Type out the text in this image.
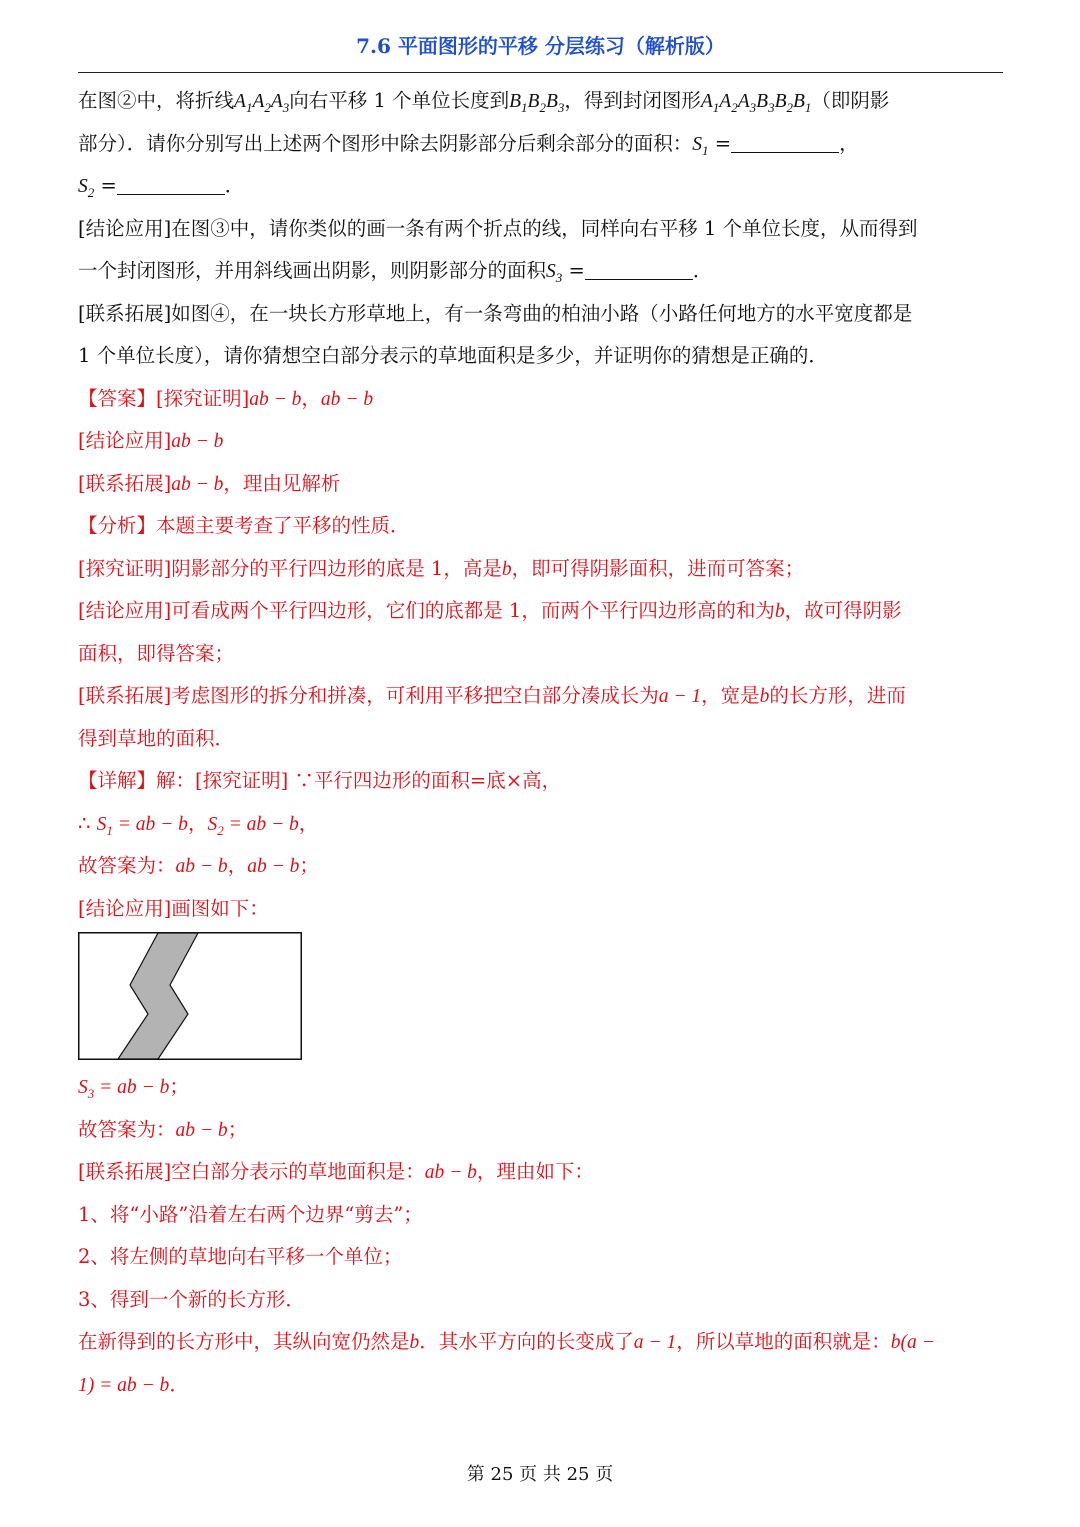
7.6 平面图形的平移 分层练习（解析版）
在图②中，将折线$A_1A_2A_3$向右平移 1 个单位长度到$B_1B_2B_3$，得到封闭图形$A_1A_2A_3B_3B_2B_1$（即阴影
部分）．请你分别写出上述两个图形中除去阴影部分后剩余部分的面积：$S_1$ =	，
$S_2$ =	．
[结论应用]在图③中，请你类似的画一条有两个折点的线，同样向右平移 1 个单位长度，从而得到
一个封闭图形，并用斜线画出阴影，则阴影部分的面积$S_3$ =	．
[联系拓展]如图④，在一块长方形草地上，有一条弯曲的柏油小路（小路任何地方的水平宽度都是
1 个单位长度），请你猜想空白部分表示的草地面积是多少，并证明你的猜想是正确的．
【答案】[探究证明]ab − b，ab − b
[结论应用]ab − b
[联系拓展]ab − b，理由见解析
【分析】本题主要考查了平移的性质．
[探究证明]阴影部分的平行四边形的底是 1，高是b，即可得阴影面积，进而可答案；
[结论应用]可看成两个平行四边形，它们的底都是 1，而两个平行四边形高的和为b，故可得阴影
面积，即得答案；
[联系拓展]考虑图形的拆分和拼凑，可利用平移把空白部分凑成长为a − 1，宽是b的长方形，进而
得到草地的面积．
【详解】解：[探究证明] ∵平行四边形的面积=底×高，
∴ $S_1$ = ab − b，$S_2$ = ab − b，
故答案为：ab − b，ab − b；
[结论应用]画图如下：
$S_3$ = ab − b；
故答案为：ab − b；
[联系拓展]空白部分表示的草地面积是：ab − b，理由如下：
1、将“小路”沿着左右两个边界“剪去”；
2、将左侧的草地向右平移一个单位；
3、得到一个新的长方形．
在新得到的长方形中，其纵向宽仍然是b．其水平方向的长变成了a − 1，所以草地的面积就是：b(a −
1) = ab − b．
第 25 页 共 25 页
